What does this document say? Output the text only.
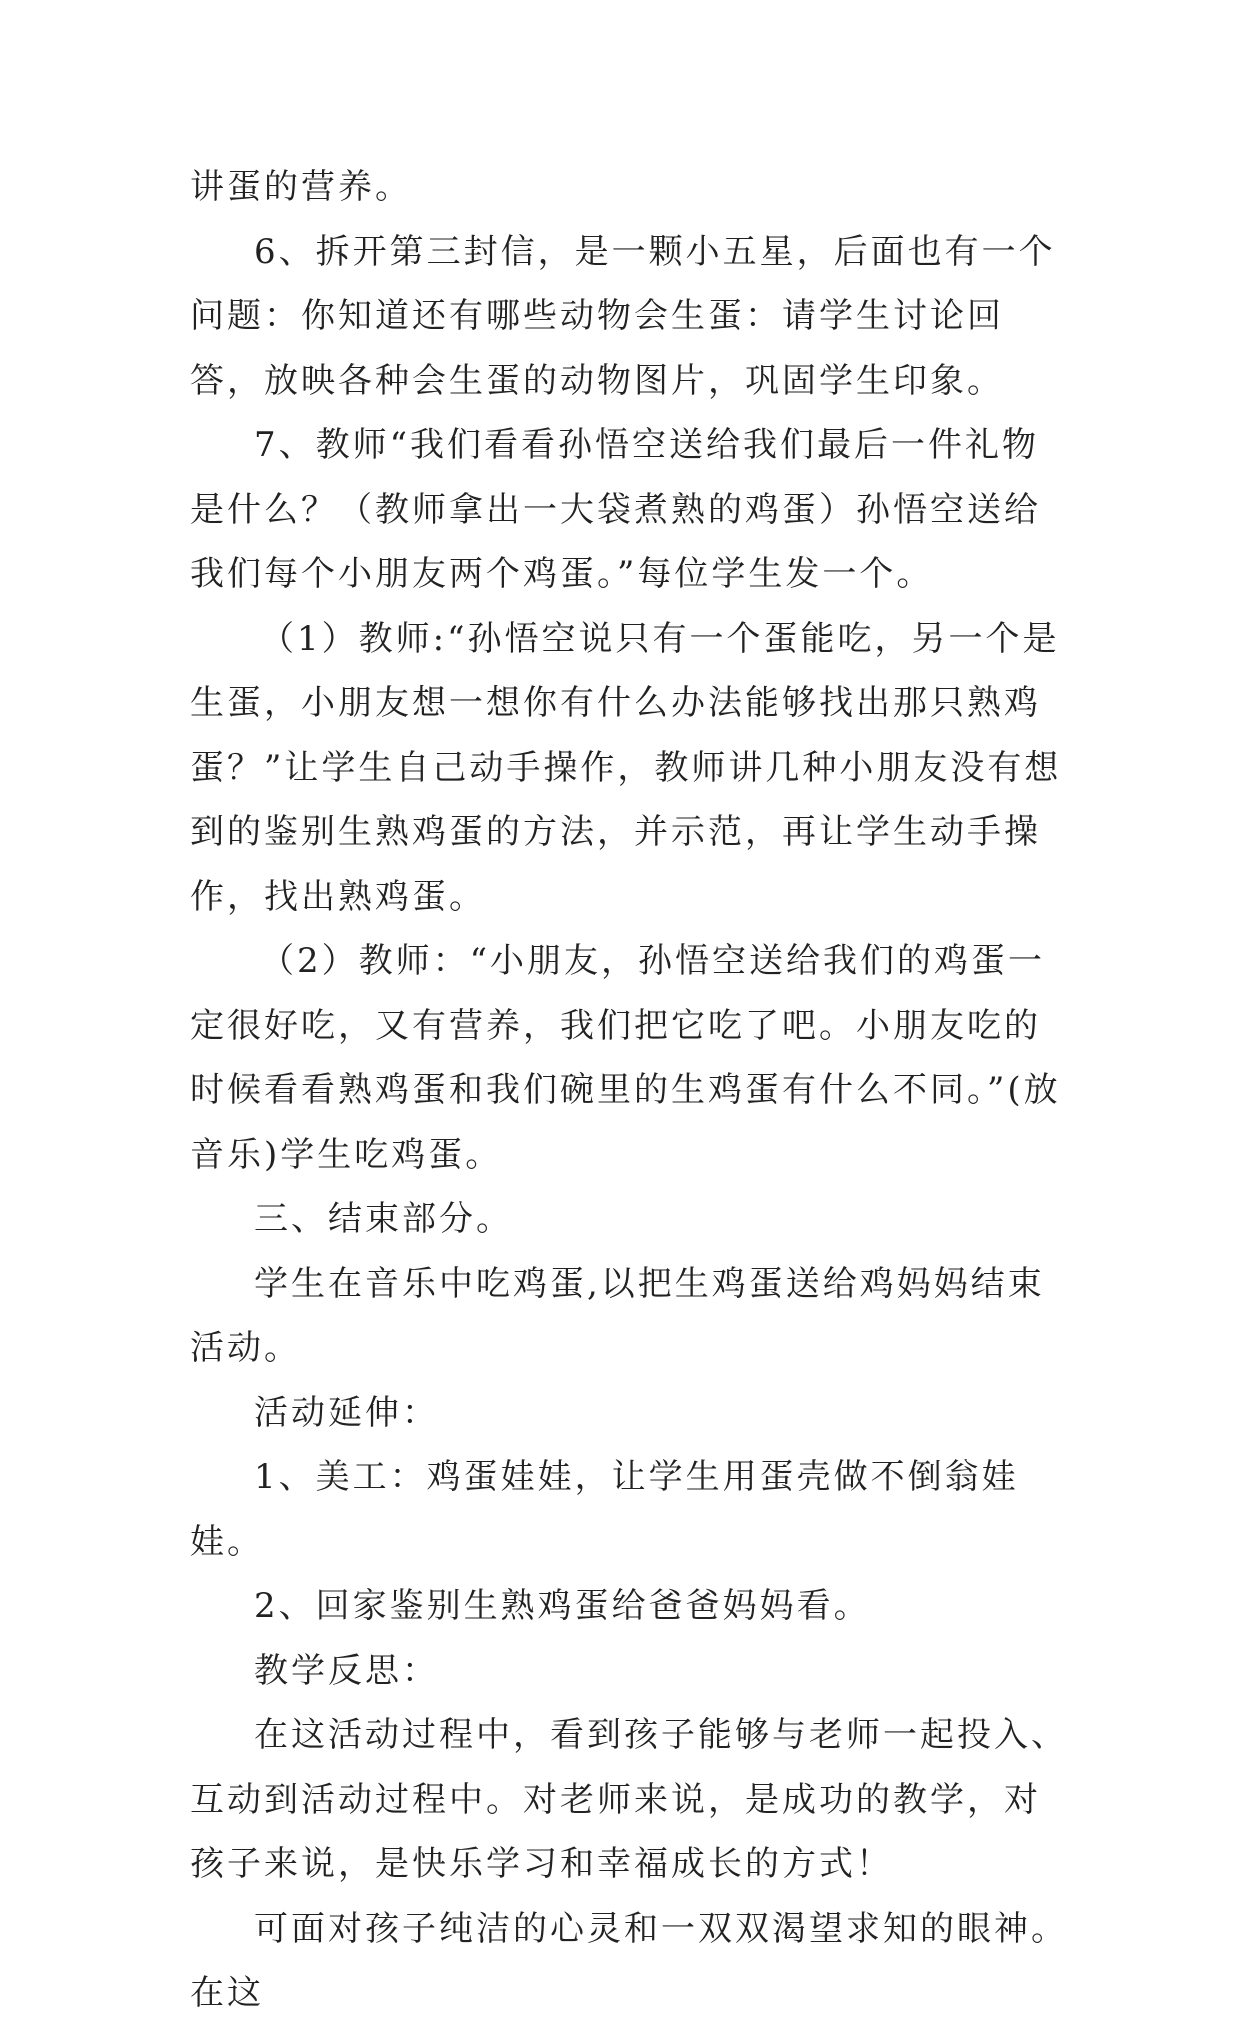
讲蛋的营养。

6、拆开第三封信，是一颗小五星，后面也有一个问题：你知道还有哪些动物会生蛋：请学生讨论回答，放映各种会生蛋的动物图片，巩固学生印象。

7、教师“我们看看孙悟空送给我们最后一件礼物是什么？（教师拿出一大袋煮熟的鸡蛋）孙悟空送给我们每个小朋友两个鸡蛋。”每位学生发一个。

（1）教师:“孙悟空说只有一个蛋能吃，另一个是生蛋，小朋友想一想你有什么办法能够找出那只熟鸡蛋？”让学生自己动手操作，教师讲几种小朋友没有想到的鉴别生熟鸡蛋的方法，并示范，再让学生动手操作，找出熟鸡蛋。

（2）教师：“小朋友，孙悟空送给我们的鸡蛋一定很好吃，又有营养，我们把它吃了吧。小朋友吃的时候看看熟鸡蛋和我们碗里的生鸡蛋有什么不同。”(放音乐)学生吃鸡蛋。

三、结束部分。

学生在音乐中吃鸡蛋,以把生鸡蛋送给鸡妈妈结束活动。

活动延伸：

1、美工：鸡蛋娃娃，让学生用蛋壳做不倒翁娃娃。

2、回家鉴别生熟鸡蛋给爸爸妈妈看。

教学反思：

在这活动过程中，看到孩子能够与老师一起投入、互动到活动过程中。对老师来说，是成功的教学，对孩子来说，是快乐学习和幸福成长的方式！

可面对孩子纯洁的心灵和一双双渴望求知的眼神。在这
